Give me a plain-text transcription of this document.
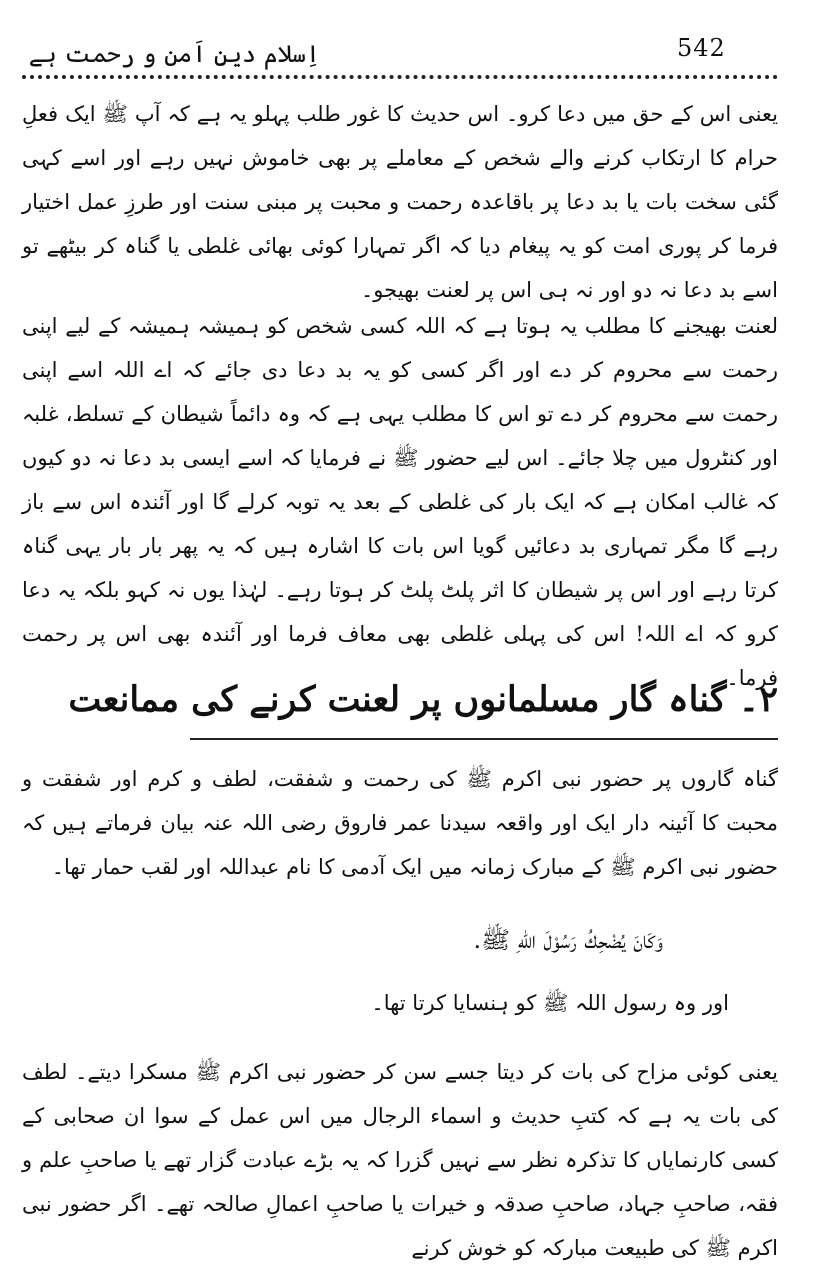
اِسلام دینِ اَمن و رحمت ہے	542
یعنی اس کے حق میں دعا کرو۔ اس حدیث کا غور طلب پہلو یہ ہے کہ آپ ﷺ ایک فعلِ حرام کا ارتکاب کرنے والے شخص کے معاملے پر بھی خاموش نہیں رہے اور اسے کہی گئی سخت بات یا بد دعا پر باقاعدہ رحمت و محبت پر مبنی سنت اور طرزِ عمل اختیار فرما کر پوری امت کو یہ پیغام دیا کہ اگر تمہارا کوئی بھائی غلطی یا گناہ کر بیٹھے تو اسے بد دعا نہ دو اور نہ ہی اس پر لعنت بھیجو۔
لعنت بھیجنے کا مطلب یہ ہوتا ہے کہ اللہ کسی شخص کو ہمیشہ ہمیشہ کے لیے اپنی رحمت سے محروم کر دے اور اگر کسی کو یہ بد دعا دی جائے کہ اے اللہ اسے اپنی رحمت سے محروم کر دے تو اس کا مطلب یہی ہے کہ وہ دائماً شیطان کے تسلط، غلبہ اور کنٹرول میں چلا جائے۔ اس لیے حضور ﷺ نے فرمایا کہ اسے ایسی بد دعا نہ دو کیوں کہ غالب امکان ہے کہ ایک بار کی غلطی کے بعد یہ توبہ کرلے گا اور آئندہ اس سے باز رہے گا مگر تمہاری بد دعائیں گویا اس بات کا اشارہ ہیں کہ یہ پھر بار بار یہی گناہ کرتا رہے اور اس پر شیطان کا اثر پلٹ پلٹ کر ہوتا رہے۔ لہٰذا یوں نہ کہو بلکہ یہ دعا کرو کہ اے اللہ! اس کی پہلی غلطی بھی معاف فرما اور آئندہ بھی اس پر رحمت فرما۔
۲۔ گناہ گار مسلمانوں پر لعنت کرنے کی ممانعت
گناہ گاروں پر حضور نبی اکرم ﷺ کی رحمت و شفقت، لطف و کرم اور شفقت و محبت کا آئینہ دار ایک اور واقعہ سیدنا عمر فاروق رضی اللہ عنہ بیان فرماتے ہیں کہ حضور نبی اکرم ﷺ کے مبارک زمانہ میں ایک آدمی کا نام عبداللہ اور لقب حمار تھا۔
وَكَانَ يُضْحِكُ رَسُوْلَ اللهِ ﷺ.
اور وہ رسول اللہ ﷺ کو ہنسایا کرتا تھا۔
یعنی کوئی مزاح کی بات کر دیتا جسے سن کر حضور نبی اکرم ﷺ مسکرا دیتے۔ لطف کی بات یہ ہے کہ کتبِ حدیث و اسماء الرجال میں اس عمل کے سوا ان صحابی کے کسی کارنمایاں کا تذکرہ نظر سے نہیں گزرا کہ یہ بڑے عبادت گزار تھے یا صاحبِ علم و فقہ، صاحبِ جہاد، صاحبِ صدقہ و خیرات یا صاحبِ اعمالِ صالحہ تھے۔ اگر حضور نبی اکرم ﷺ کی طبیعت مبارکہ کو خوش کرنے
